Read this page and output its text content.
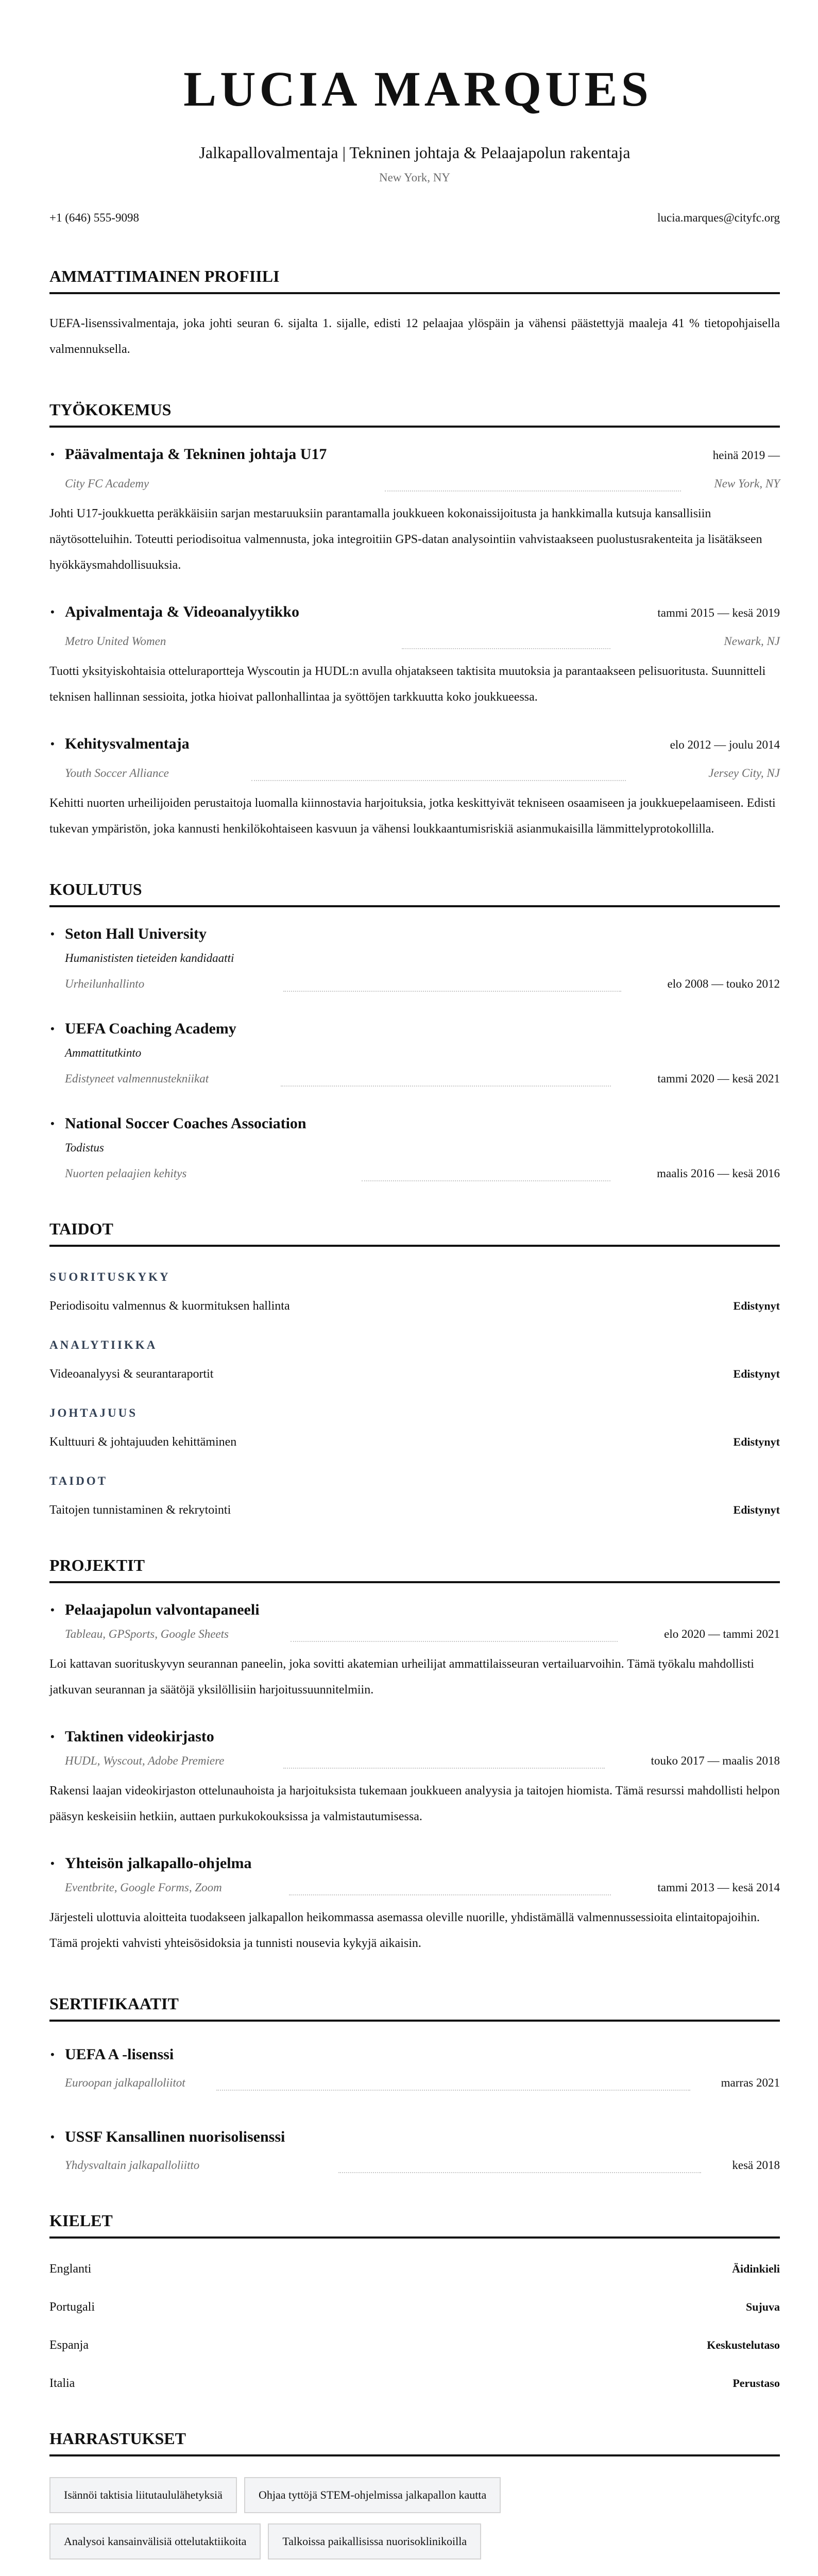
LUCIA MARQUES
Jalkapallovalmentaja | Tekninen johtaja & Pelaajapolun rakentaja
New York, NY
+1 (646) 555-9098	lucia.marques@cityfc.org
AMMATTIMAINEN PROFIILI

UEFA-lisenssivalmentaja, joka johti seuran 6. sijalta 1. sijalle, edisti 12 pelaajaa ylöspäin ja vähensi päästettyjä maaleja 41 % tietopohjaisella valmennuksella.

TYÖKOKEMUS
• Päävalmentaja & Tekninen johtaja U17	heinä 2019 —
City FC Academy	New York, NY

Johti U17-joukkuetta peräkkäisiin sarjan mestaruuksiin parantamalla joukkueen kokonaissijoitusta ja hankkimalla kutsuja kansallisiin näytösotteluihin. Toteutti periodisoitua valmennusta, joka integroitiin GPS-datan analysointiin vahvistaakseen puolustusrakenteita ja lisätäkseen hyökkäysmahdollisuuksia.

• Apivalmentaja & Videoanalyytikko	tammi 2015 — kesä 2019
Metro United Women	Newark, NJ

Tuotti yksityiskohtaisia otteluraportteja Wyscoutin ja HUDL:n avulla ohjatakseen taktisita muutoksia ja parantaakseen pelisuoritusta. Suunnitteli teknisen hallinnan sessioita, jotka hioivat pallonhallintaa ja syöttöjen tarkkuutta koko joukkueessa.

• Kehitysvalmentaja	elo 2012 — joulu 2014
Youth Soccer Alliance	Jersey City, NJ

Kehitti nuorten urheilijoiden perustaitoja luomalla kiinnostavia harjoituksia, jotka keskittyivät tekniseen osaamiseen ja joukkuepelaamiseen. Edisti tukevan ympäristön, joka kannusti henkilökohtaiseen kasvuun ja vähensi loukkaantumisriskiä asianmukaisilla lämmittelyprotokollilla.

KOULUTUS
• Seton Hall University
Humanististen tieteiden kandidaatti
Urheilunhallinto	elo 2008 — touko 2012
• UEFA Coaching Academy
Ammattitutkinto
Edistyneet valmennustekniikat	tammi 2020 — kesä 2021
• National Soccer Coaches Association
Todistus
Nuorten pelaajien kehitys	maalis 2016 — kesä 2016
TAIDOT
SUORITUSKYKY
Periodisoitu valmennus & kuormituksen hallinta	Edistynyt
ANALYTIIKKA
Videoanalyysi & seurantaraportit	Edistynyt
JOHTAJUUS
Kulttuuri & johtajuuden kehittäminen	Edistynyt
TAIDOT
Taitojen tunnistaminen & rekrytointi	Edistynyt
PROJEKTIT
• Pelaajapolun valvontapaneeli
Tableau, GPSports, Google Sheets	elo 2020 — tammi 2021

Loi kattavan suorituskyvyn seurannan paneelin, joka sovitti akatemian urheilijat ammattilaisseuran vertailuarvoihin. Tämä työkalu mahdollisti jatkuvan seurannan ja säätöjä yksilöllisiin harjoitussuunnitelmiin.

• Taktinen videokirjasto
HUDL, Wyscout, Adobe Premiere	touko 2017 — maalis 2018

Rakensi laajan videokirjaston ottelunauhoista ja harjoituksista tukemaan joukkueen analyysia ja taitojen hiomista. Tämä resurssi mahdollisti helpon pääsyn keskeisiin hetkiin, auttaen purkukokouksissa ja valmistautumisessa.

• Yhteisön jalkapallo-ohjelma
Eventbrite, Google Forms, Zoom	tammi 2013 — kesä 2014

Järjesteli ulottuvia aloitteita tuodakseen jalkapallon heikommassa asemassa oleville nuorille, yhdistämällä valmennussessioita elintaitopajoihin. Tämä projekti vahvisti yhteisösidoksia ja tunnisti nousevia kykyjä aikaisin.

SERTIFIKAATIT
• UEFA A -lisenssi
Euroopan jalkapalloliitot	marras 2021
• USSF Kansallinen nuorisolisenssi
Yhdysvaltain jalkapalloliitto	kesä 2018
KIELET
Englanti	Äidinkieli
Portugali	Sujuva
Espanja	Keskustelutaso
Italia	Perustaso
HARRASTUKSET
Isännöi taktisia liitutaululähetyksiä	Ohjaa tyttöjä STEM-ohjelmissa jalkapallon kautta
Analysoi kansainvälisiä ottelutaktiikoita	Talkoissa paikallisissa nuorisoklinikoilla
